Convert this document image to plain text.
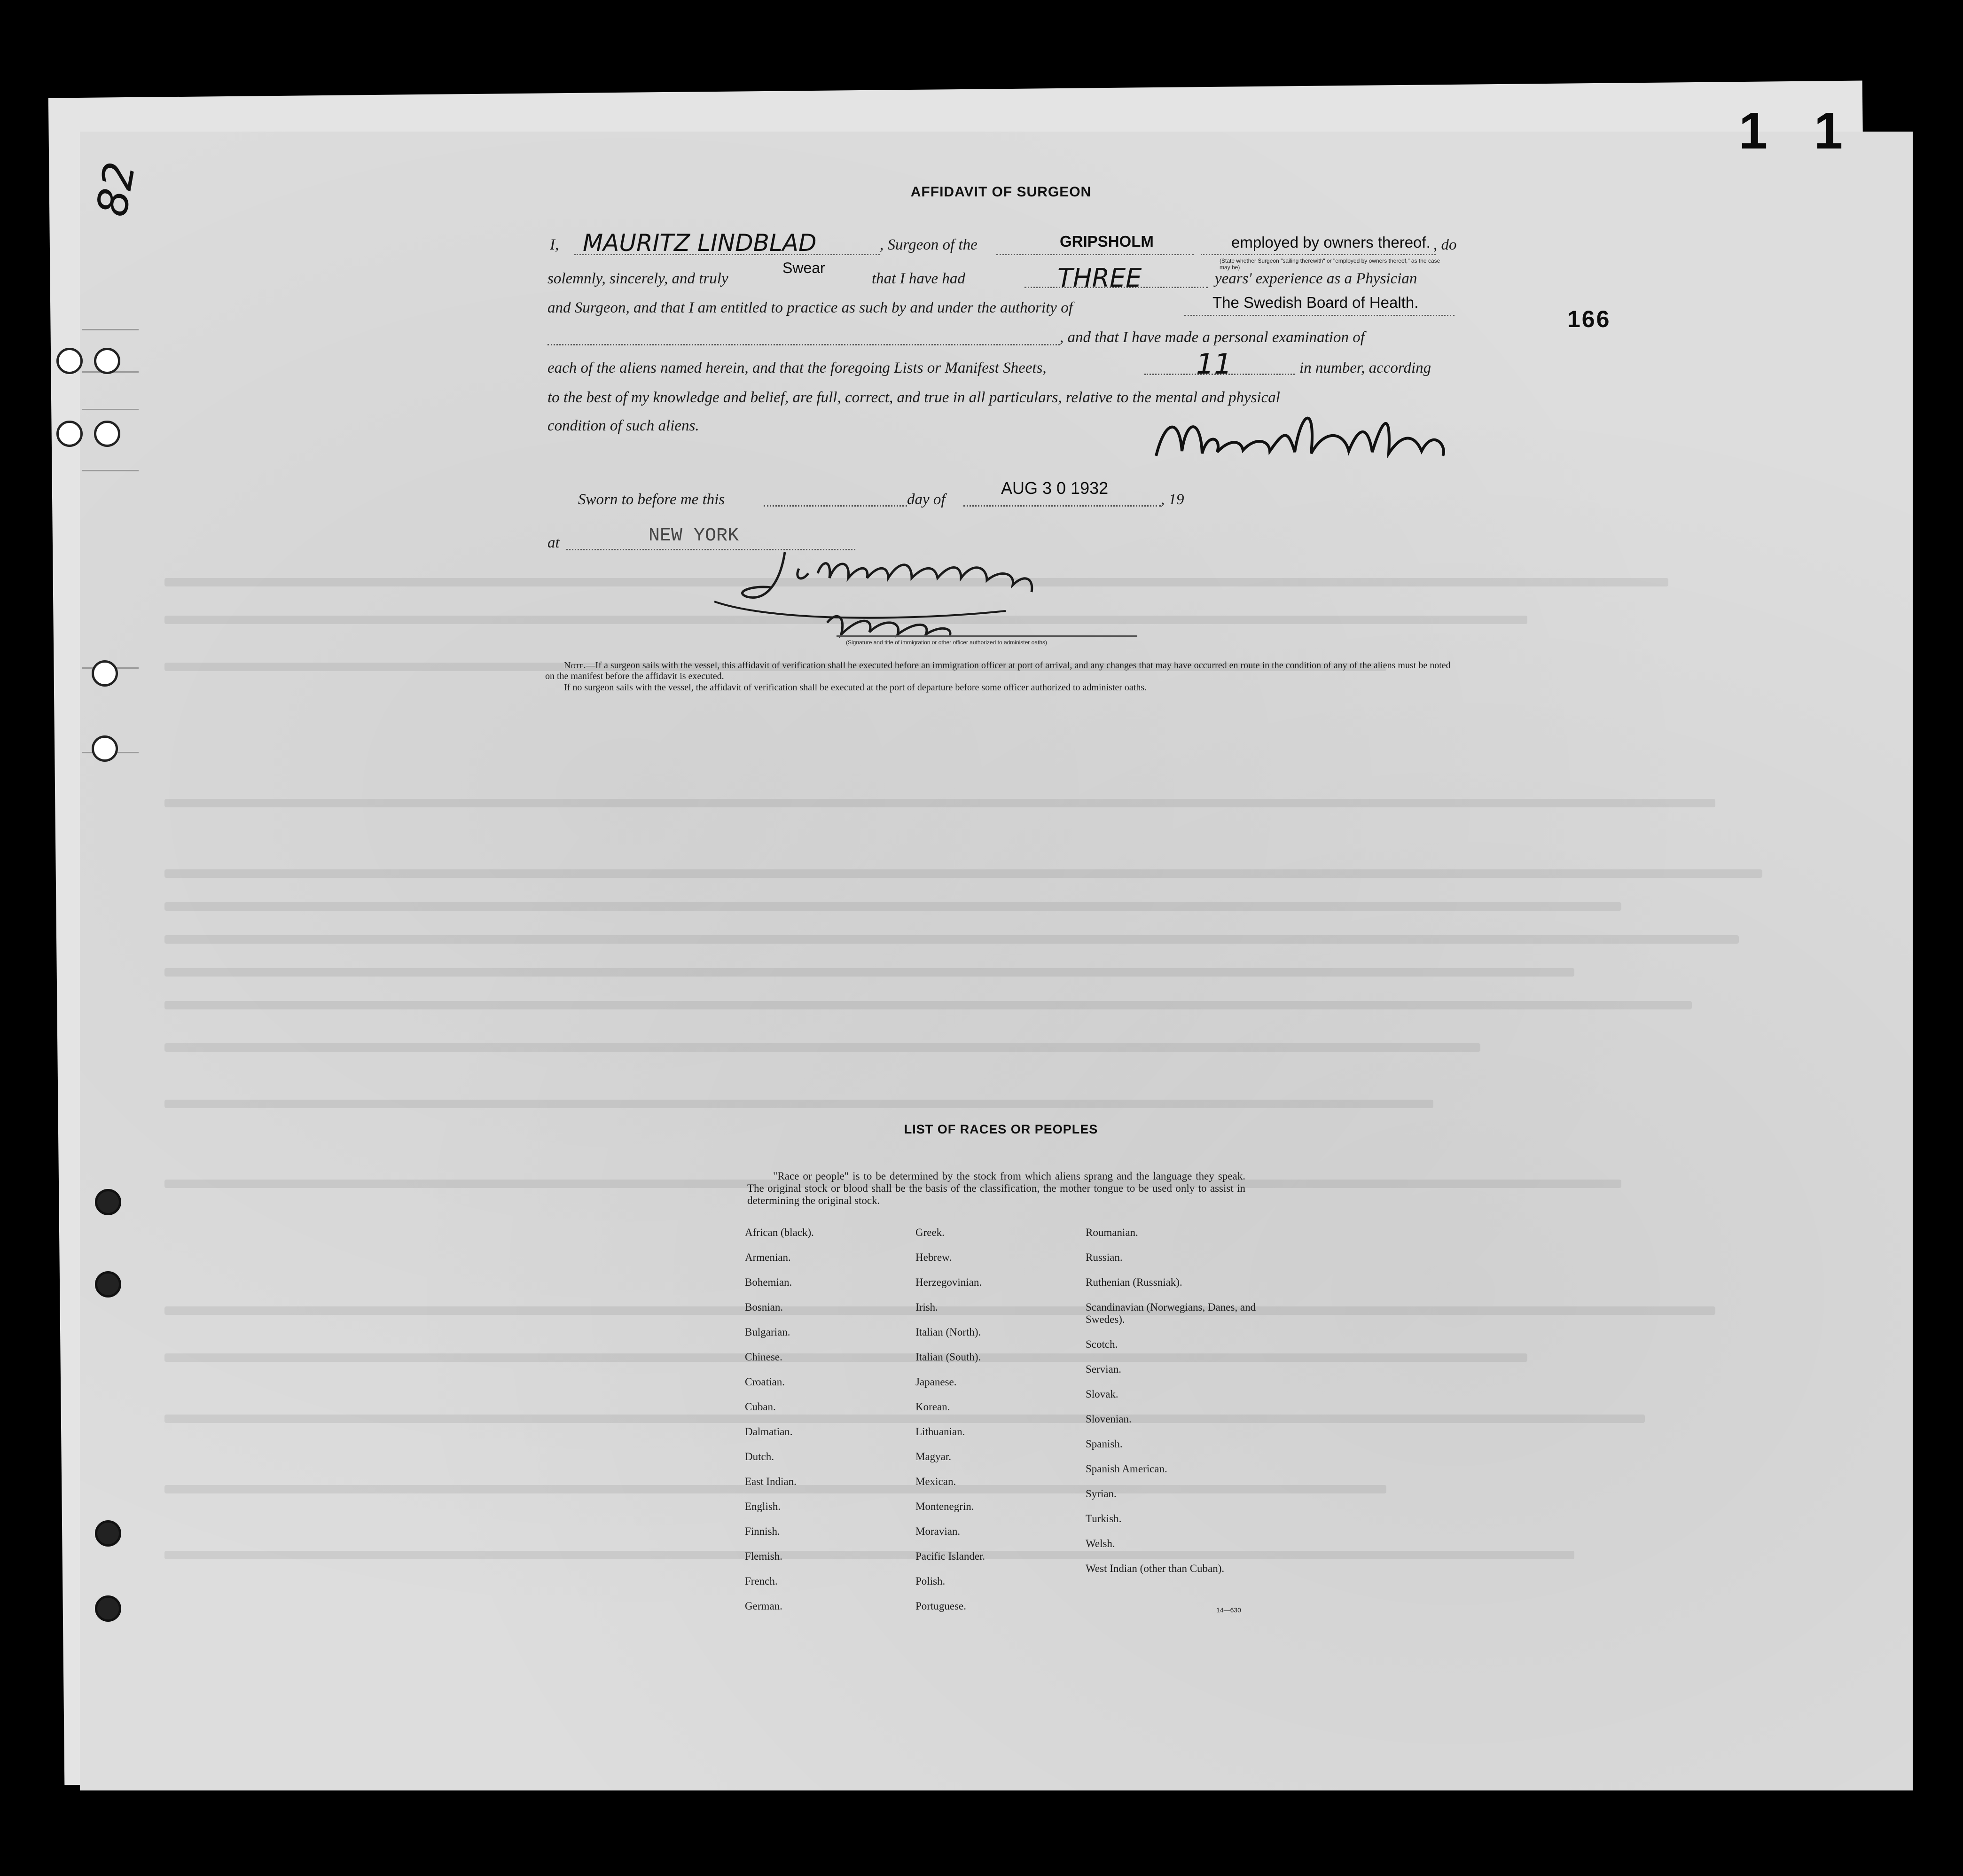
82
1 1
166
AFFIDAVIT OF SURGEON
I, MAURITZ LINDBLAD	, Surgeon of the	GRIPSHOLM	employed by owners thereof. , do
(State whether Surgeon "sailing therewith" or "employed by owners thereof," as the case may be)
solemnly, sincerely, and truly
Swear
that I have had	THREE	years' experience as a Physician
and Surgeon, and that I am entitled to practice as such by and under the authority of	The Swedish Board of Health.
, and that I have made a personal examination of
each of the aliens named herein, and that the foregoing Lists or Manifest Sheets,	11	in number, according
to the best of my knowledge and belief, are full, correct, and true in all particulars, relative to the mental and physical
condition of such aliens.
Sworn to before me this	day of
AUG 3 0 1932
, 19
at	NEW YORK
(Signature and title of immigration or other officer authorized to administer oaths)
Note.—If a surgeon sails with the vessel, this affidavit of verification shall be executed before an immigration officer at port of arrival, and any changes that may have occurred en route in the condition of any of the aliens must be noted on the manifest before the affidavit is executed.
If no surgeon sails with the vessel, the affidavit of verification shall be executed at the port of departure before some officer authorized to administer oaths.
LIST OF RACES OR PEOPLES
"Race or people" is to be determined by the stock from which aliens sprang and the language they speak. The original stock or blood shall be the basis of the classification, the mother tongue to be used only to assist in determining the original stock.
African (black).
Armenian.
Bohemian.
Bosnian.
Bulgarian.
Chinese.
Croatian.
Cuban.
Dalmatian.
Dutch.
East Indian.
English.
Finnish.
Flemish.
French.
German.
Greek.
Hebrew.
Herzegovinian.
Irish.
Italian (North).
Italian (South).
Japanese.
Korean.
Lithuanian.
Magyar.
Mexican.
Montenegrin.
Moravian.
Pacific Islander.
Polish.
Portuguese.
Roumanian.
Russian.
Ruthenian (Russniak).
Scandinavian (Norwegians, Danes, and Swedes).
Scotch.
Servian.
Slovak.
Slovenian.
Spanish.
Spanish American.
Syrian.
Turkish.
Welsh.
West Indian (other than Cuban).
14—630
